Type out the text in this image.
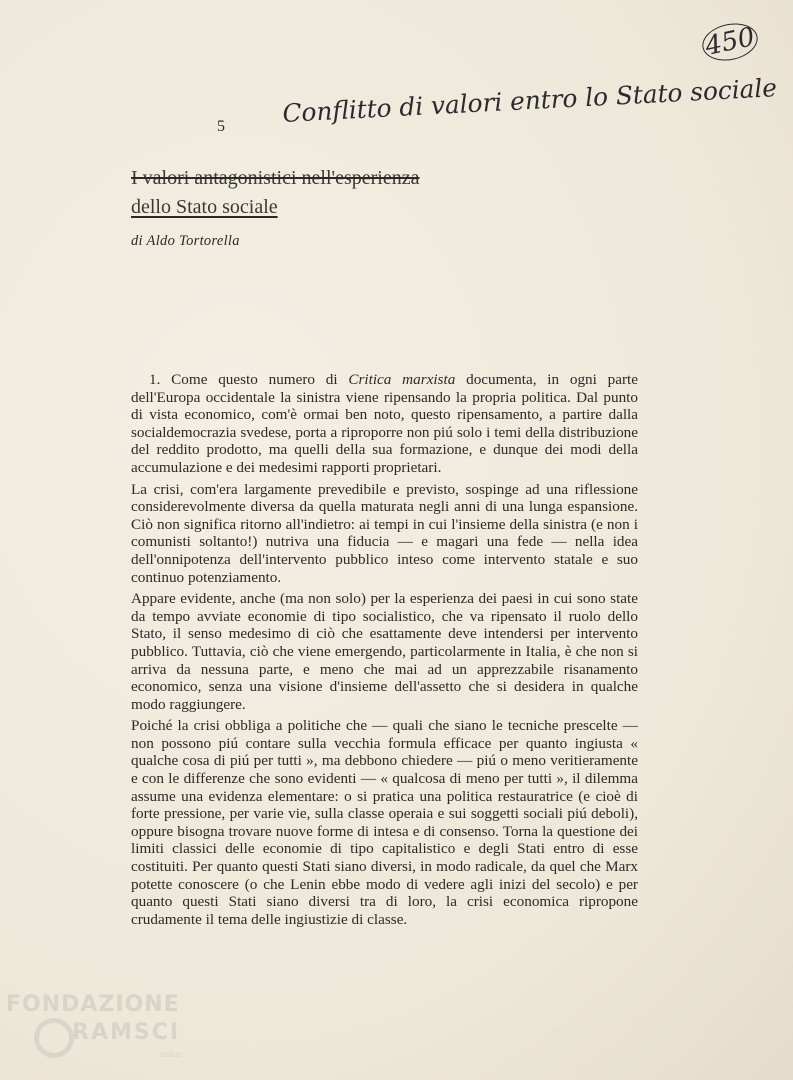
450
Conflitto di valori entro lo Stato sociale
5
I valori antagonistici nell'esperienza
dello Stato sociale
di Aldo Tortorella

1. Come questo numero di Critica marxista documenta, in ogni parte dell'Europa occidentale la sinistra viene ripensando la propria politica. Dal punto di vista economico, com'è ormai ben noto, questo ripensamento, a partire dalla socialdemocrazia svedese, porta a riproporre non piú solo i temi della distribuzione del reddito prodotto, ma quelli della sua formazione, e dunque dei modi della accumulazione e dei medesimi rapporti proprietari.

La crisi, com'era largamente prevedibile e previsto, sospinge ad una riflessione considerevolmente diversa da quella maturata negli anni di una lunga espansione. Ciò non significa ritorno all'indietro: ai tempi in cui l'insieme della sinistra (e non i comunisti soltanto!) nutriva una fiducia — e magari una fede — nella idea dell'onnipotenza dell'intervento pubblico inteso come intervento statale e suo continuo potenziamento.

Appare evidente, anche (ma non solo) per la esperienza dei paesi in cui sono state da tempo avviate economie di tipo socialistico, che va ripensato il ruolo dello Stato, il senso medesimo di ciò che esattamente deve intendersi per intervento pubblico. Tuttavia, ciò che viene emergendo, particolarmente in Italia, è che non si arriva da nessuna parte, e meno che mai ad un apprezzabile risanamento economico, senza una visione d'insieme dell'assetto che si desidera in qualche modo raggiungere.

Poiché la crisi obbliga a politiche che — quali che siano le tecniche prescelte — non possono piú contare sulla vecchia formula efficace per quanto ingiusta « qualche cosa di piú per tutti », ma debbono chiedere — piú o meno veritieramente e con le differenze che sono evidenti — « qualcosa di meno per tutti », il dilemma assume una evidenza elementare: o si pratica una politica restauratrice (e cioè di forte pressione, per varie vie, sulla classe operaia e sui soggetti sociali piú deboli), oppure bisogna trovare nuove forme di intesa e di consenso. Torna la questione dei limiti classici delle economie di tipo capitalistico e degli Stati entro di esse costituiti. Per quanto questi Stati siano diversi, in modo radicale, da quel che Marx potette conoscere (o che Lenin ebbe modo di vedere agli inizi del secolo) e per quanto questi Stati siano diversi tra di loro, la crisi economica ripropone crudamente il tema delle ingiustizie di classe.

FONDAZIONE
RAMSCI
onlus
